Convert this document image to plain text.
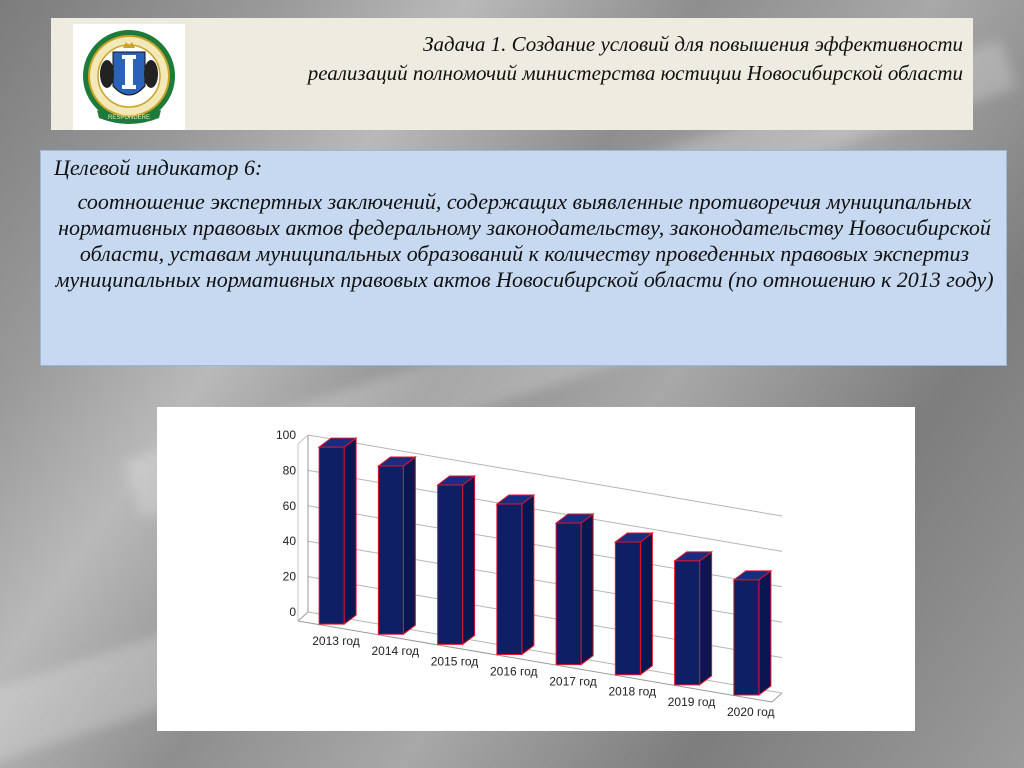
RESPONDERE
Задача 1. Создание условий для повышения эффективности
реализаций полномочий министерства юстиции Новосибирской области
Целевой индикатор 6:
соотношение экспертных заключений, содержащих выявленные противоречия муниципальных нормативных правовых актов федеральному законодательству, законодательству Новосибирской области, уставам муниципальных образований к количеству проведенных правовых экспертиз муниципальных нормативных правовых актов Новосибирской области (по отношению к 2013 году)
0
20
40
60
80
100
2013 год
2014 год
2015 год
2016 год
2017 год
2018 год
2019 год
2020 год
